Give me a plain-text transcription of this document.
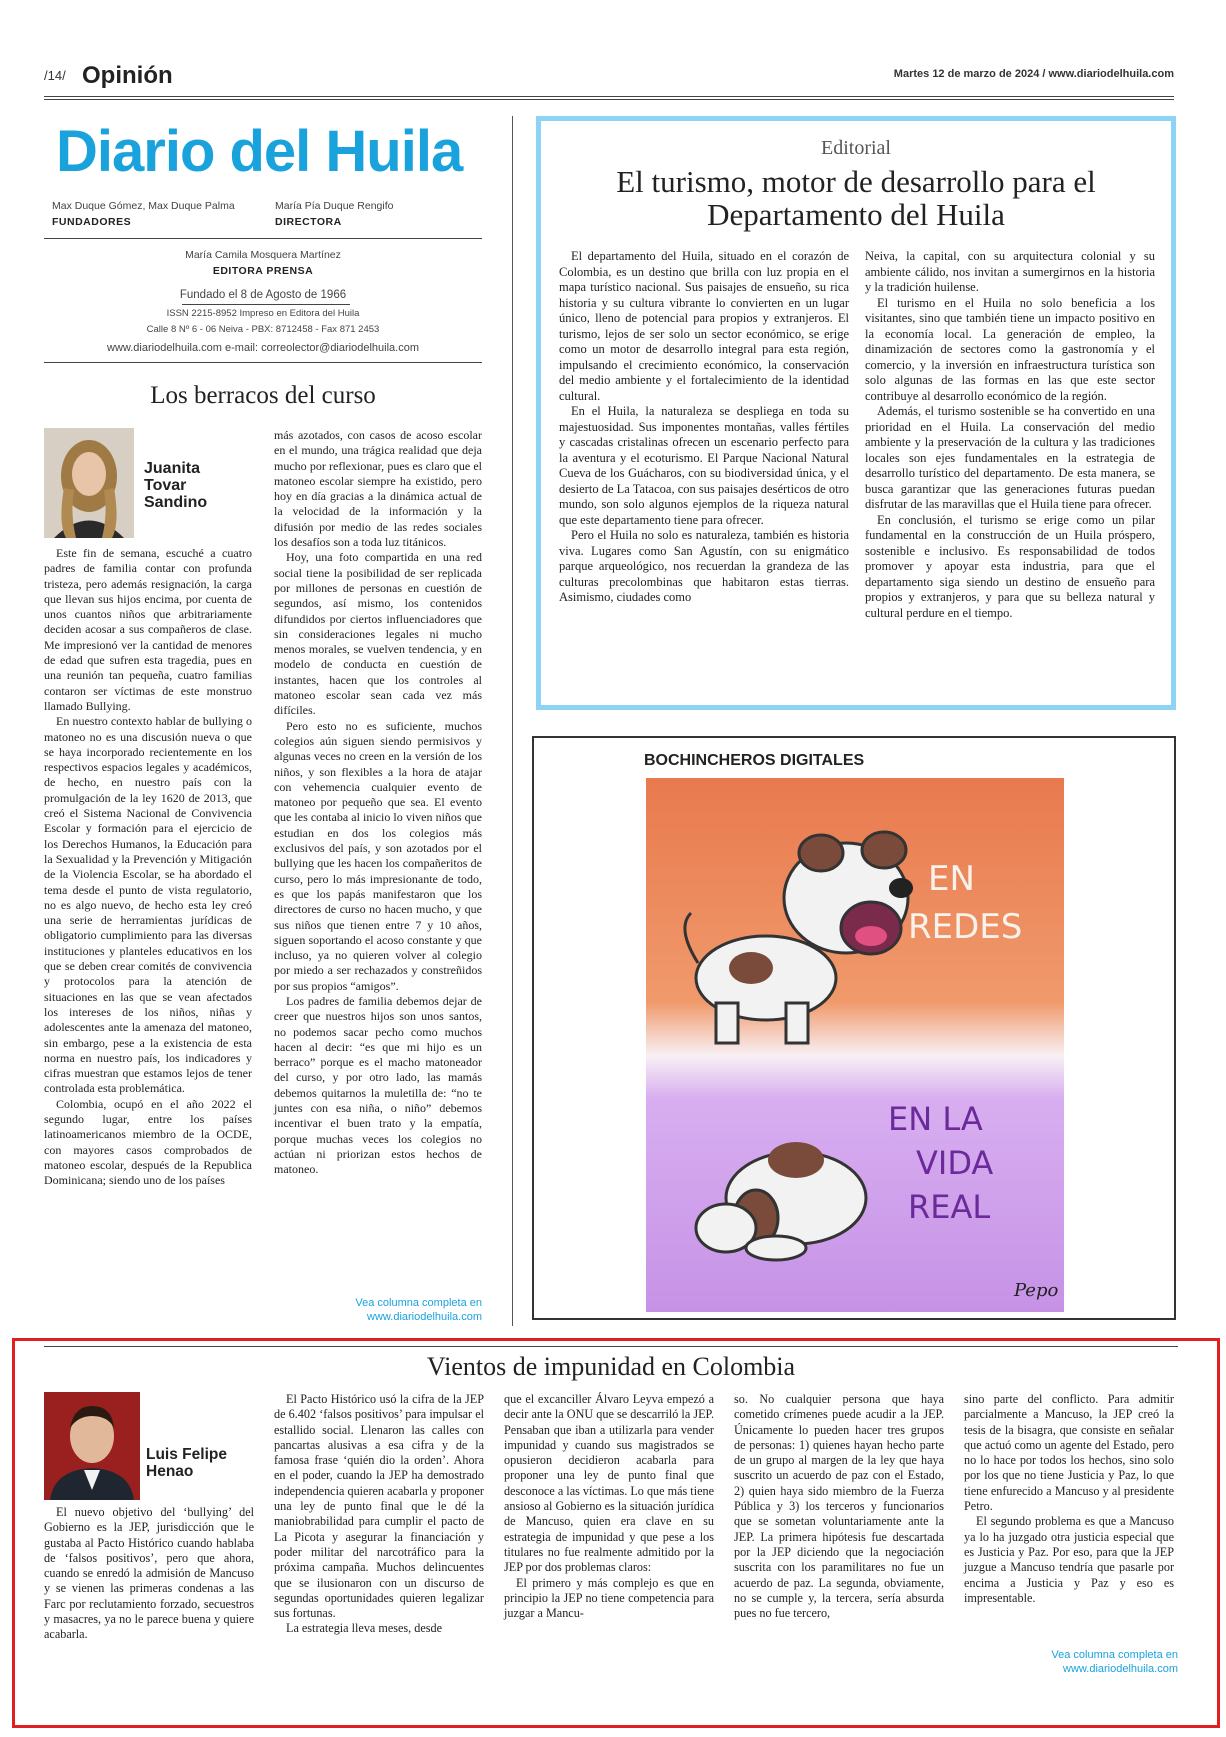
/14/ Opinión	Martes 12 de marzo de 2024 / www.diariodelhuila.com
Diario del Huila
Max Duque Gómez, Max Duque Palma
FUNDADORES
María Pía Duque Rengifo
DIRECTORA
María Camila Mosquera Martínez
EDITORA PRENSA
Fundado el 8 de Agosto de 1966
ISSN 2215-8952 Impreso en Editora del Huila
Calle 8 Nº 6 - 06 Neiva - PBX: 8712458 - Fax 871 2453
www.diariodelhuila.com e-mail: correolector@diariodelhuila.com
Los berracos del curso
Juanita
Tovar
Sandino

Este fin de semana, escuché a cuatro padres de familia contar con profunda tristeza, pero además resignación, la carga que llevan sus hijos encima, por cuenta de unos cuantos niños que arbitrariamente deciden acosar a sus compañeros de clase. Me impresionó ver la cantidad de menores de edad que sufren esta tragedia, pues en una reunión tan pequeña, cuatro familias contaron ser víctimas de este monstruo llamado Bullying.

En nuestro contexto hablar de bullying o matoneo no es una discusión nueva o que se haya incorporado recientemente en los respectivos espacios legales y académicos, de hecho, en nuestro país con la promulgación de la ley 1620 de 2013, que creó el Sistema Nacional de Convivencia Escolar y formación para el ejercicio de los Derechos Humanos, la Educación para la Sexualidad y la Prevención y Mitigación de la Violencia Escolar, se ha abordado el tema desde el punto de vista regulatorio, no es algo nuevo, de hecho esta ley creó una serie de herramientas jurídicas de obligatorio cumplimiento para las diversas instituciones y planteles educativos en los que se deben crear comités de convivencia y protocolos para la atención de situaciones en las que se vean afectados los intereses de los niños, niñas y adolescentes ante la amenaza del matoneo, sin embargo, pese a la existencia de esta norma en nuestro país, los indicadores y cifras muestran que estamos lejos de tener controlada esta problemática.

Colombia, ocupó en el año 2022 el segundo lugar, entre los países latinoamericanos miembro de la OCDE, con mayores casos comprobados de matoneo escolar, después de la Republica Dominicana; siendo uno de los países

más azotados, con casos de acoso escolar en el mundo, una trágica realidad que deja mucho por reflexionar, pues es claro que el matoneo escolar siempre ha existido, pero hoy en día gracias a la dinámica actual de la velocidad de la información y la difusión por medio de las redes sociales los desafíos son a toda luz titánicos.

Hoy, una foto compartida en una red social tiene la posibilidad de ser replicada por millones de personas en cuestión de segundos, así mismo, los contenidos difundidos por ciertos influenciadores que sin consideraciones legales ni mucho menos morales, se vuelven tendencia, y en modelo de conducta en cuestión de instantes, hacen que los controles al matoneo escolar sean cada vez más difíciles.

Pero esto no es suficiente, muchos colegios aún siguen siendo permisivos y algunas veces no creen en la versión de los niños, y son flexibles a la hora de atajar con vehemencia cualquier evento de matoneo por pequeño que sea. El evento que les contaba al inicio lo viven niños que estudian en dos los colegios más exclusivos del país, y son azotados por el bullying que les hacen los compañeritos de curso, pero lo más impresionante de todo, es que los papás manifestaron que los directores de curso no hacen mucho, y que sus niños que tienen entre 7 y 10 años, siguen soportando el acoso constante y que incluso, ya no quieren volver al colegio por miedo a ser rechazados y constreñidos por sus propios “amigos”.

Los padres de familia debemos dejar de creer que nuestros hijos son unos santos, no podemos sacar pecho como muchos hacen al decir: “es que mi hijo es un berraco” porque es el macho matoneador del curso, y por otro lado, las mamás debemos quitarnos la muletilla de: “no te juntes con esa niña, o niño” debemos incentivar el buen trato y la empatía, porque muchas veces los colegios no actúan ni priorizan estos hechos de matoneo.

Vea columna completa en
www.diariodelhuila.com
Editorial
El turismo, motor de desarrollo para el Departamento del Huila

El departamento del Huila, situado en el corazón de Colombia, es un destino que brilla con luz propia en el mapa turístico nacional. Sus paisajes de ensueño, su rica historia y su cultura vibrante lo convierten en un lugar único, lleno de potencial para propios y extranjeros. El turismo, lejos de ser solo un sector económico, se erige como un motor de desarrollo integral para esta región, impulsando el crecimiento económico, la conservación del medio ambiente y el fortalecimiento de la identidad cultural.

En el Huila, la naturaleza se despliega en toda su majestuosidad. Sus imponentes montañas, valles fértiles y cascadas cristalinas ofrecen un escenario perfecto para la aventura y el ecoturismo. El Parque Nacional Natural Cueva de los Guácharos, con su biodiversidad única, y el desierto de La Tatacoa, con sus paisajes desérticos de otro mundo, son solo algunos ejemplos de la riqueza natural que este departamento tiene para ofrecer.

Pero el Huila no solo es naturaleza, también es historia viva. Lugares como San Agustín, con su enigmático parque arqueológico, nos recuerdan la grandeza de las culturas precolombinas que habitaron estas tierras. Asimismo, ciudades como

Neiva, la capital, con su arquitectura colonial y su ambiente cálido, nos invitan a sumergirnos en la historia y la tradición huilense.

El turismo en el Huila no solo beneficia a los visitantes, sino que también tiene un impacto positivo en la economía local. La generación de empleo, la dinamización de sectores como la gastronomía y el comercio, y la inversión en infraestructura turística son solo algunas de las formas en las que este sector contribuye al desarrollo económico de la región.

Además, el turismo sostenible se ha convertido en una prioridad en el Huila. La conservación del medio ambiente y la preservación de la cultura y las tradiciones locales son ejes fundamentales en la estrategia de desarrollo turístico del departamento. De esta manera, se busca garantizar que las generaciones futuras puedan disfrutar de las maravillas que el Huila tiene para ofrecer.

En conclusión, el turismo se erige como un pilar fundamental en la construcción de un Huila próspero, sostenible e inclusivo. Es responsabilidad de todos promover y apoyar esta industria, para que el departamento siga siendo un destino de ensueño para propios y extranjeros, y para que su belleza natural y cultural perdure en el tiempo.

BOCHINCHEROS DIGITALES
EN
REDES
EN LA
VIDA
REAL
Pepo
Vientos de impunidad en Colombia
Luis Felipe
Henao

El nuevo objetivo del ‘bullying’ del Gobierno es la JEP, jurisdicción que le gustaba al Pacto Histórico cuando hablaba de ‘falsos positivos’, pero que ahora, cuando se enredó la admisión de Mancuso y se vienen las primeras condenas a las Farc por reclutamiento forzado, secuestros y masacres, ya no le parece buena y quiere acabarla.

El Pacto Histórico usó la cifra de la JEP de 6.402 ‘falsos positivos’ para impulsar el estallido social. Llenaron las calles con pancartas alusivas a esa cifra y de la famosa frase ‘quién dio la orden’. Ahora en el poder, cuando la JEP ha demostrado independencia quieren acabarla y proponer una ley de punto final que le dé la maniobrabilidad para cumplir el pacto de La Picota y asegurar la financiación y poder militar del narcotráfico para la próxima campaña. Muchos delincuentes que se ilusionaron con un discurso de segundas oportunidades quieren legalizar sus fortunas.

La estrategia lleva meses, desde

que el excanciller Álvaro Leyva empezó a decir ante la ONU que se descarriló la JEP. Pensaban que iban a utilizarla para vender impunidad y cuando sus magistrados se opusieron decidieron acabarla para proponer una ley de punto final que desconoce a las víctimas. Lo que más tiene ansioso al Gobierno es la situación jurídica de Mancuso, quien era clave en su estrategia de impunidad y que pese a los titulares no fue realmente admitido por la JEP por dos problemas claros:

El primero y más complejo es que en principio la JEP no tiene competencia para juzgar a Mancu-

so. No cualquier persona que haya cometido crímenes puede acudir a la JEP. Únicamente lo pueden hacer tres grupos de personas: 1) quienes hayan hecho parte de un grupo al margen de la ley que haya suscrito un acuerdo de paz con el Estado, 2) quien haya sido miembro de la Fuerza Pública y 3) los terceros y funcionarios que se sometan voluntariamente ante la JEP. La primera hipótesis fue descartada por la JEP diciendo que la negociación suscrita con los paramilitares no fue un acuerdo de paz. La segunda, obviamente, no se cumple y, la tercera, sería absurda pues no fue tercero,

sino parte del conflicto. Para admitir parcialmente a Mancuso, la JEP creó la tesis de la bisagra, que consiste en señalar que actuó como un agente del Estado, pero no lo hace por todos los hechos, sino solo por los que no tiene Justicia y Paz, lo que tiene enfurecido a Mancuso y al presidente Petro.

El segundo problema es que a Mancuso ya lo ha juzgado otra justicia especial que es Justicia y Paz. Por eso, para que la JEP juzgue a Mancuso tendría que pasarle por encima a Justicia y Paz y eso es impresentable.

Vea columna completa en
www.diariodelhuila.com
